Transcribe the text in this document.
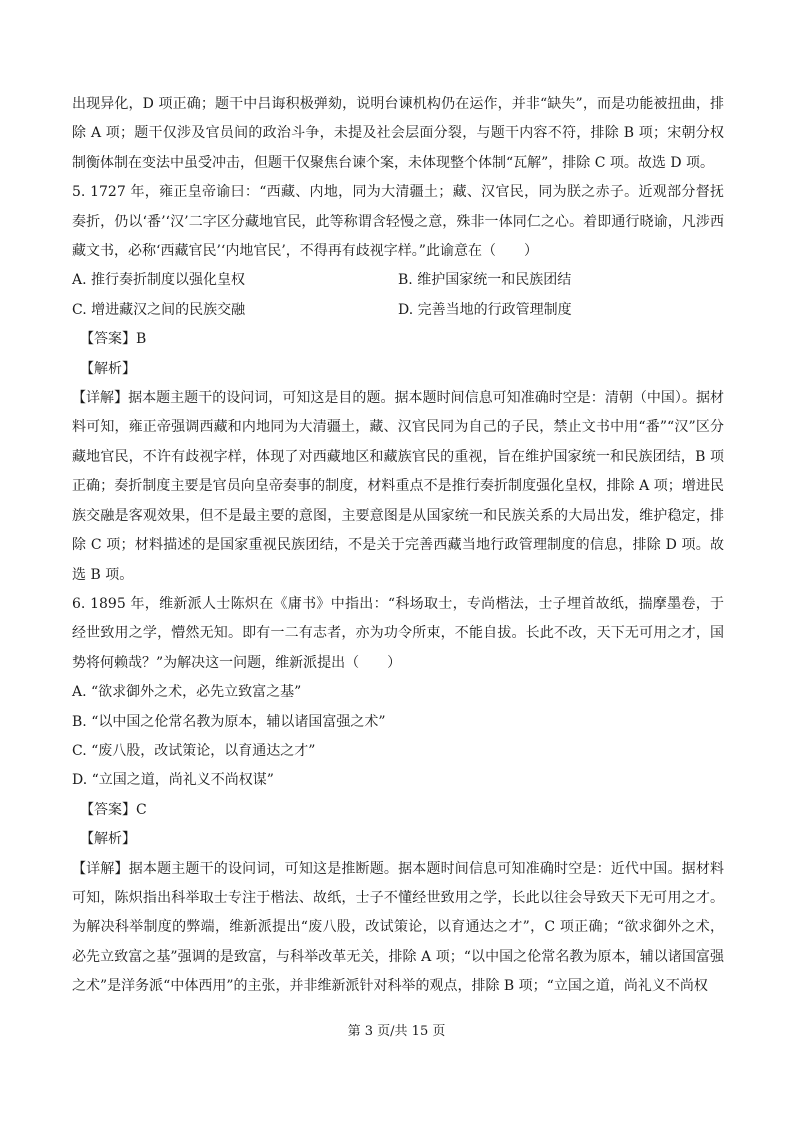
出现异化，D 项正确；题干中吕诲积极弹劾，说明台谏机构仍在运作，并非“缺失”，而是功能被扭曲，排除 A 项；题干仅涉及官员间的政治斗争，未提及社会层面分裂，与题干内容不符，排除 B 项；宋朝分权制衡体制在变法中虽受冲击，但题干仅聚焦台谏个案，未体现整个体制“瓦解”，排除 C 项。故选 D 项。

5. 1727 年，雍正皇帝谕曰：“西藏、内地，同为大清疆土；藏、汉官民，同为朕之赤子。近观部分督抚奏折，仍以‘番’‘汉’二字区分藏地官民，此等称谓含轻慢之意，殊非一体同仁之心。着即通行晓谕，凡涉西藏文书，必称‘西藏官民’‘内地官民’，不得再有歧视字样。”此谕意在（　　）

A. 推行奏折制度以强化皇权	B. 维护国家统一和民族团结
C. 增进藏汉之间的民族交融	D. 完善当地的行政管理制度

【答案】B

【解析】

【详解】据本题主题干的设问词，可知这是目的题。据本题时间信息可知准确时空是：清朝（中国）。据材料可知，雍正帝强调西藏和内地同为大清疆土，藏、汉官民同为自己的子民，禁止文书中用“番”“汉”区分藏地官民，不许有歧视字样，体现了对西藏地区和藏族官民的重视，旨在维护国家统一和民族团结，B 项正确；奏折制度主要是官员向皇帝奏事的制度，材料重点不是推行奏折制度强化皇权，排除 A 项；增进民族交融是客观效果，但不是最主要的意图，主要意图是从国家统一和民族关系的大局出发，维护稳定，排除 C 项；材料描述的是国家重视民族团结，不是关于完善西藏当地行政管理制度的信息，排除 D 项。故选 B 项。

6. 1895 年，维新派人士陈炽在《庸书》中指出：“科场取士，专尚楷法，士子埋首故纸，揣摩墨卷，于经世致用之学，懵然无知。即有一二有志者，亦为功令所束，不能自拔。长此不改，天下无可用之才，国势将何赖哉？”为解决这一问题，维新派提出（　　）

A. “欲求御外之术，必先立致富之基”

B. “以中国之伦常名教为原本，辅以诸国富强之术”

C. “废八股，改试策论，以育通达之才”

D. “立国之道，尚礼义不尚权谋”

【答案】C

【解析】

【详解】据本题主题干的设问词，可知这是推断题。据本题时间信息可知准确时空是：近代中国。据材料可知，陈炽指出科举取士专注于楷法、故纸，士子不懂经世致用之学，长此以往会导致天下无可用之才。为解决科举制度的弊端，维新派提出“废八股，改试策论，以育通达之才”，C 项正确；“欲求御外之术，必先立致富之基”强调的是致富，与科举改革无关，排除 A 项；“以中国之伦常名教为原本，辅以诸国富强之术”是洋务派“中体西用”的主张，并非维新派针对科举的观点，排除 B 项；“立国之道，尚礼义不尚权

第 3 页/共 15 页
